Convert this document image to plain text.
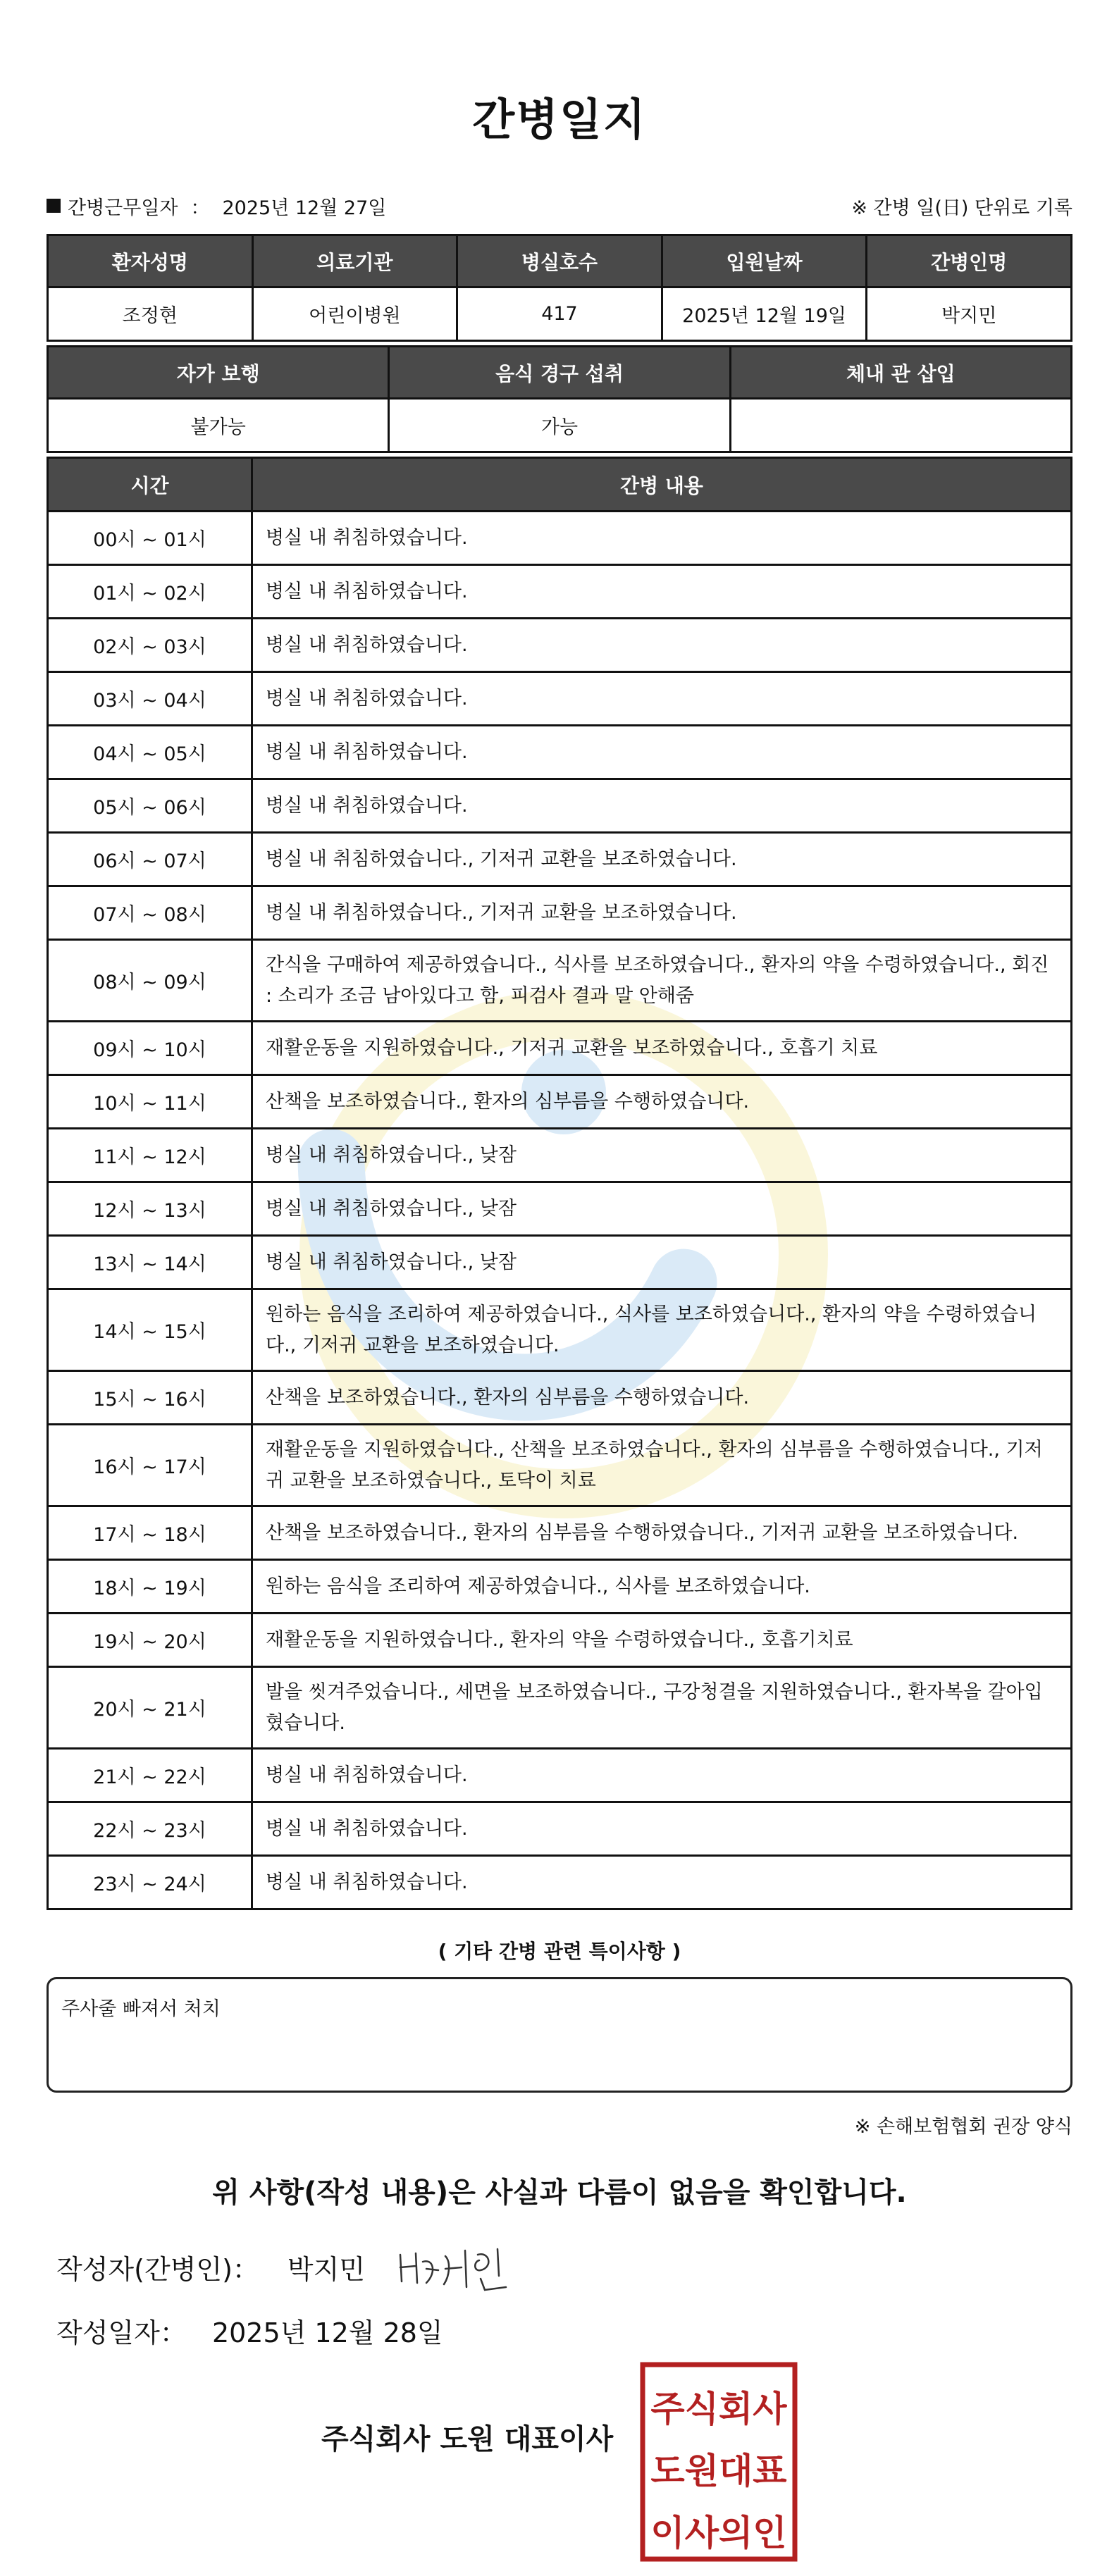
간병일지
간병근무일자 ： 2025년 12월 27일	※ 간병 일(日) 단위로 기록
환자성명	의료기관	병실호수	입원날짜	간병인명
조정현	어린이병원	417	2025년 12월 19일	박지민
자가 보행	음식 경구 섭취	체내 관 삽입
불가능	가능	
시간	간병 내용
00시 ~ 01시	병실 내 취침하였습니다.
01시 ~ 02시	병실 내 취침하였습니다.
02시 ~ 03시	병실 내 취침하였습니다.
03시 ~ 04시	병실 내 취침하였습니다.
04시 ~ 05시	병실 내 취침하였습니다.
05시 ~ 06시	병실 내 취침하였습니다.
06시 ~ 07시	병실 내 취침하였습니다., 기저귀 교환을 보조하였습니다.
07시 ~ 08시	병실 내 취침하였습니다., 기저귀 교환을 보조하였습니다.
08시 ~ 09시	간식을 구매하여 제공하였습니다., 식사를 보조하였습니다., 환자의 약을 수령하였습니다., 회진 : 소리가 조금 남아있다고 함, 피검사 결과 말 안해줌
09시 ~ 10시	재활운동을 지원하였습니다., 기저귀 교환을 보조하였습니다., 호흡기 치료
10시 ~ 11시	산책을 보조하였습니다., 환자의 심부름을 수행하였습니다.
11시 ~ 12시	병실 내 취침하였습니다., 낮잠
12시 ~ 13시	병실 내 취침하였습니다., 낮잠
13시 ~ 14시	병실 내 취침하였습니다., 낮잠
14시 ~ 15시	원하는 음식을 조리하여 제공하였습니다., 식사를 보조하였습니다., 환자의 약을 수령하였습니다., 기저귀 교환을 보조하였습니다.
15시 ~ 16시	산책을 보조하였습니다., 환자의 심부름을 수행하였습니다.
16시 ~ 17시	재활운동을 지원하였습니다., 산책을 보조하였습니다., 환자의 심부름을 수행하였습니다., 기저귀 교환을 보조하였습니다., 토닥이 치료
17시 ~ 18시	산책을 보조하였습니다., 환자의 심부름을 수행하였습니다., 기저귀 교환을 보조하였습니다.
18시 ~ 19시	원하는 음식을 조리하여 제공하였습니다., 식사를 보조하였습니다.
19시 ~ 20시	재활운동을 지원하였습니다., 환자의 약을 수령하였습니다., 호흡기치료
20시 ~ 21시	발을 씻겨주었습니다., 세면을 보조하였습니다., 구강청결을 지원하였습니다., 환자복을 갈아입혔습니다.
21시 ~ 22시	병실 내 취침하였습니다.
22시 ~ 23시	병실 내 취침하였습니다.
23시 ~ 24시	병실 내 취침하였습니다.
( 기타 간병 관련 특이사항 )
주사줄 빠져서 처치
※ 손해보험협회 권장 양식
위 사항(작성 내용)은 사실과 다름이 없음을 확인합니다.
작성자(간병인)： 박지민
작성일자： 2025년 12월 28일
주식회사 도원 대표이사
주식회사
도원대표
이사의인
